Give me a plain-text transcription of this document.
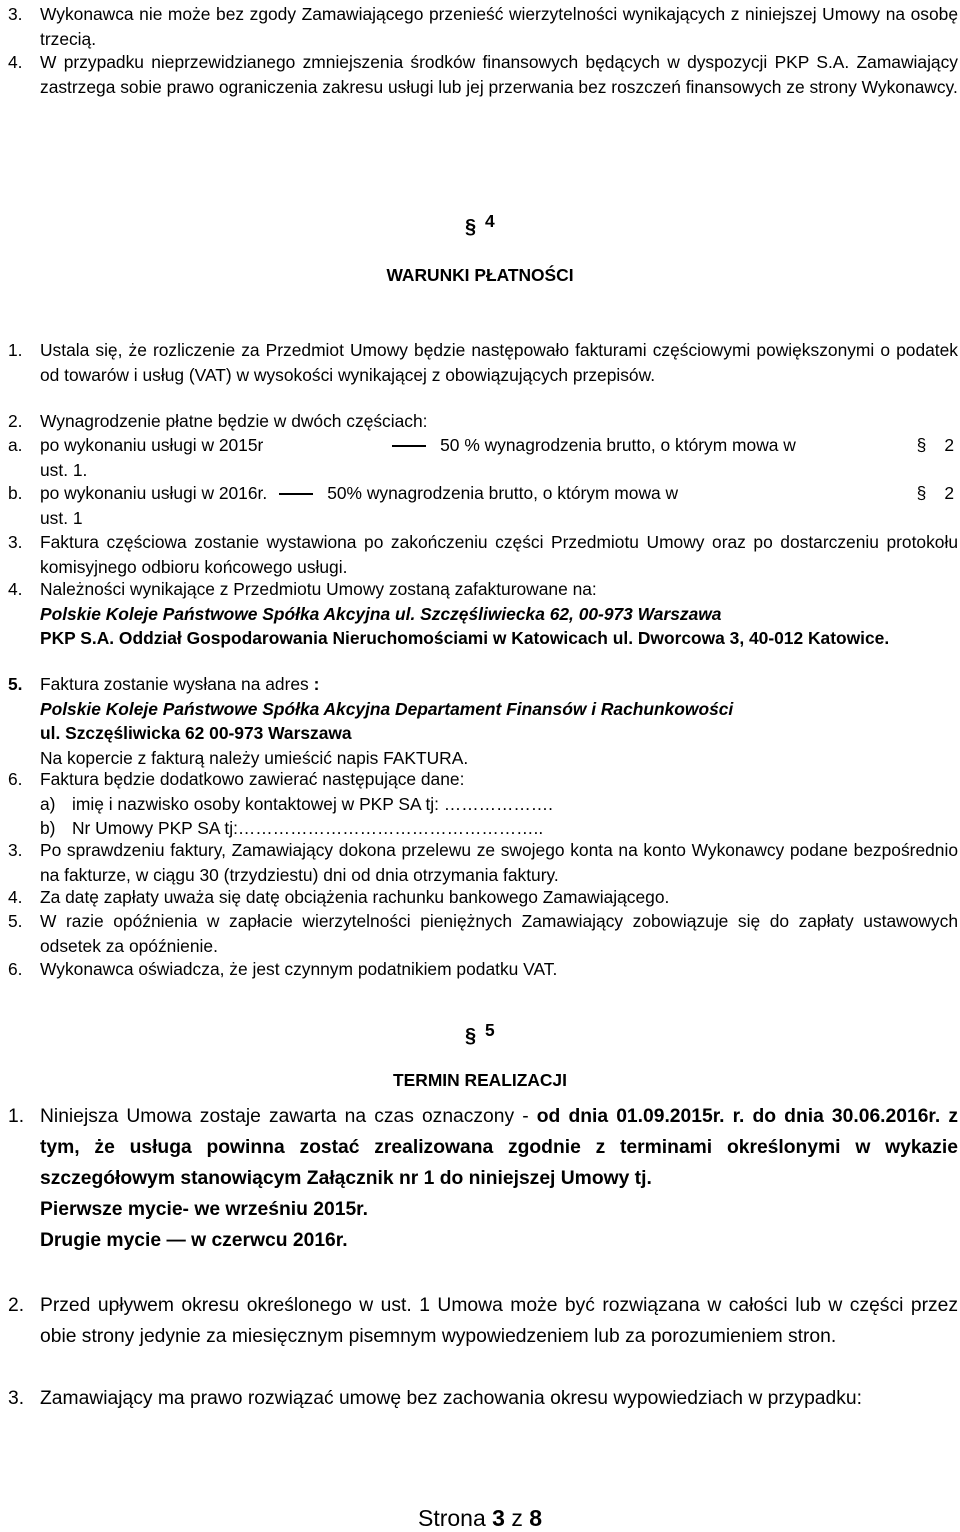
3.	Wykonawca nie może bez zgody Zamawiającego przenieść wierzytelności wynikających z niniejszej Umowy na osobę trzecią.
4.	W przypadku nieprzewidzianego zmniejszenia środków finansowych będących w dyspozycji PKP S.A. Zamawiający zastrzega sobie prawo ograniczenia zakresu usługi lub jej przerwania bez roszczeń finansowych ze strony Wykonawcy.
§ 4
WARUNKI PŁATNOŚCI
1.	Ustala się, że rozliczenie za Przedmiot Umowy będzie następowało fakturami częściowymi powiększonymi o podatek od towarów i usług (VAT) w wysokości wynikającej z obowiązujących przepisów.
2.	Wynagrodzenie płatne będzie w dwóch częściach:
a.	po wykonaniu usługi w 2015r	50 % wynagrodzenia brutto, o którym mowa w	§ 2
ust. 1.
b.	po wykonaniu usługi w 2016r.	50% wynagrodzenia brutto, o którym mowa w	§ 2
ust. 1
3.	Faktura częściowa zostanie wystawiona po zakończeniu części Przedmiotu Umowy oraz po dostarczeniu protokołu komisyjnego odbioru końcowego usługi.
4.	Należności wynikające z Przedmiotu Umowy zostaną zafakturowane na:
Polskie Koleje Państwowe Spółka Akcyjna ul. Szczęśliwiecka 62, 00-973 Warszawa
PKP S.A. Oddział Gospodarowania Nieruchomościami w Katowicach ul. Dworcowa 3, 40-012 Katowice.
5.	Faktura zostanie wysłana na adres :
Polskie Koleje Państwowe Spółka Akcyjna Departament Finansów i Rachunkowości
ul. Szczęśliwicka 62 00-973 Warszawa
Na kopercie z fakturą należy umieścić napis FAKTURA.
6.	Faktura będzie dodatkowo zawierać następujące dane:
a) imię i nazwisko osoby kontaktowej w PKP SA tj: ……………….
b) Nr Umowy PKP SA tj:……………………………………………..
3.	Po sprawdzeniu faktury, Zamawiający dokona przelewu ze swojego konta na konto Wykonawcy podane bezpośrednio na fakturze, w ciągu 30 (trzydziestu) dni od dnia otrzymania faktury.
4.	Za datę zapłaty uważa się datę obciążenia rachunku bankowego Zamawiającego.
5.	W razie opóźnienia w zapłacie wierzytelności pieniężnych Zamawiający zobowiązuje się do zapłaty ustawowych odsetek za opóźnienie.
6.	Wykonawca oświadcza, że jest czynnym podatnikiem podatku VAT.
§ 5
TERMIN REALIZACJI
1. Niniejsza Umowa zostaje zawarta na czas oznaczony - od dnia 01.09.2015r. r. do dnia 30.06.2016r. z tym, że usługa powinna zostać zrealizowana zgodnie z terminami określonymi w wykazie szczegółowym stanowiącym Załącznik nr 1 do niniejszej Umowy tj.
Pierwsze mycie- we wrześniu 2015r.
Drugie mycie — w czerwcu 2016r.
2. Przed upływem okresu określonego w ust. 1 Umowa może być rozwiązana w całości lub w części przez obie strony jedynie za miesięcznym pisemnym wypowiedzeniem lub za porozumieniem stron.
3. Zamawiający ma prawo rozwiązać umowę bez zachowania okresu wypowiedziach w przypadku:
Strona 3 z 8
